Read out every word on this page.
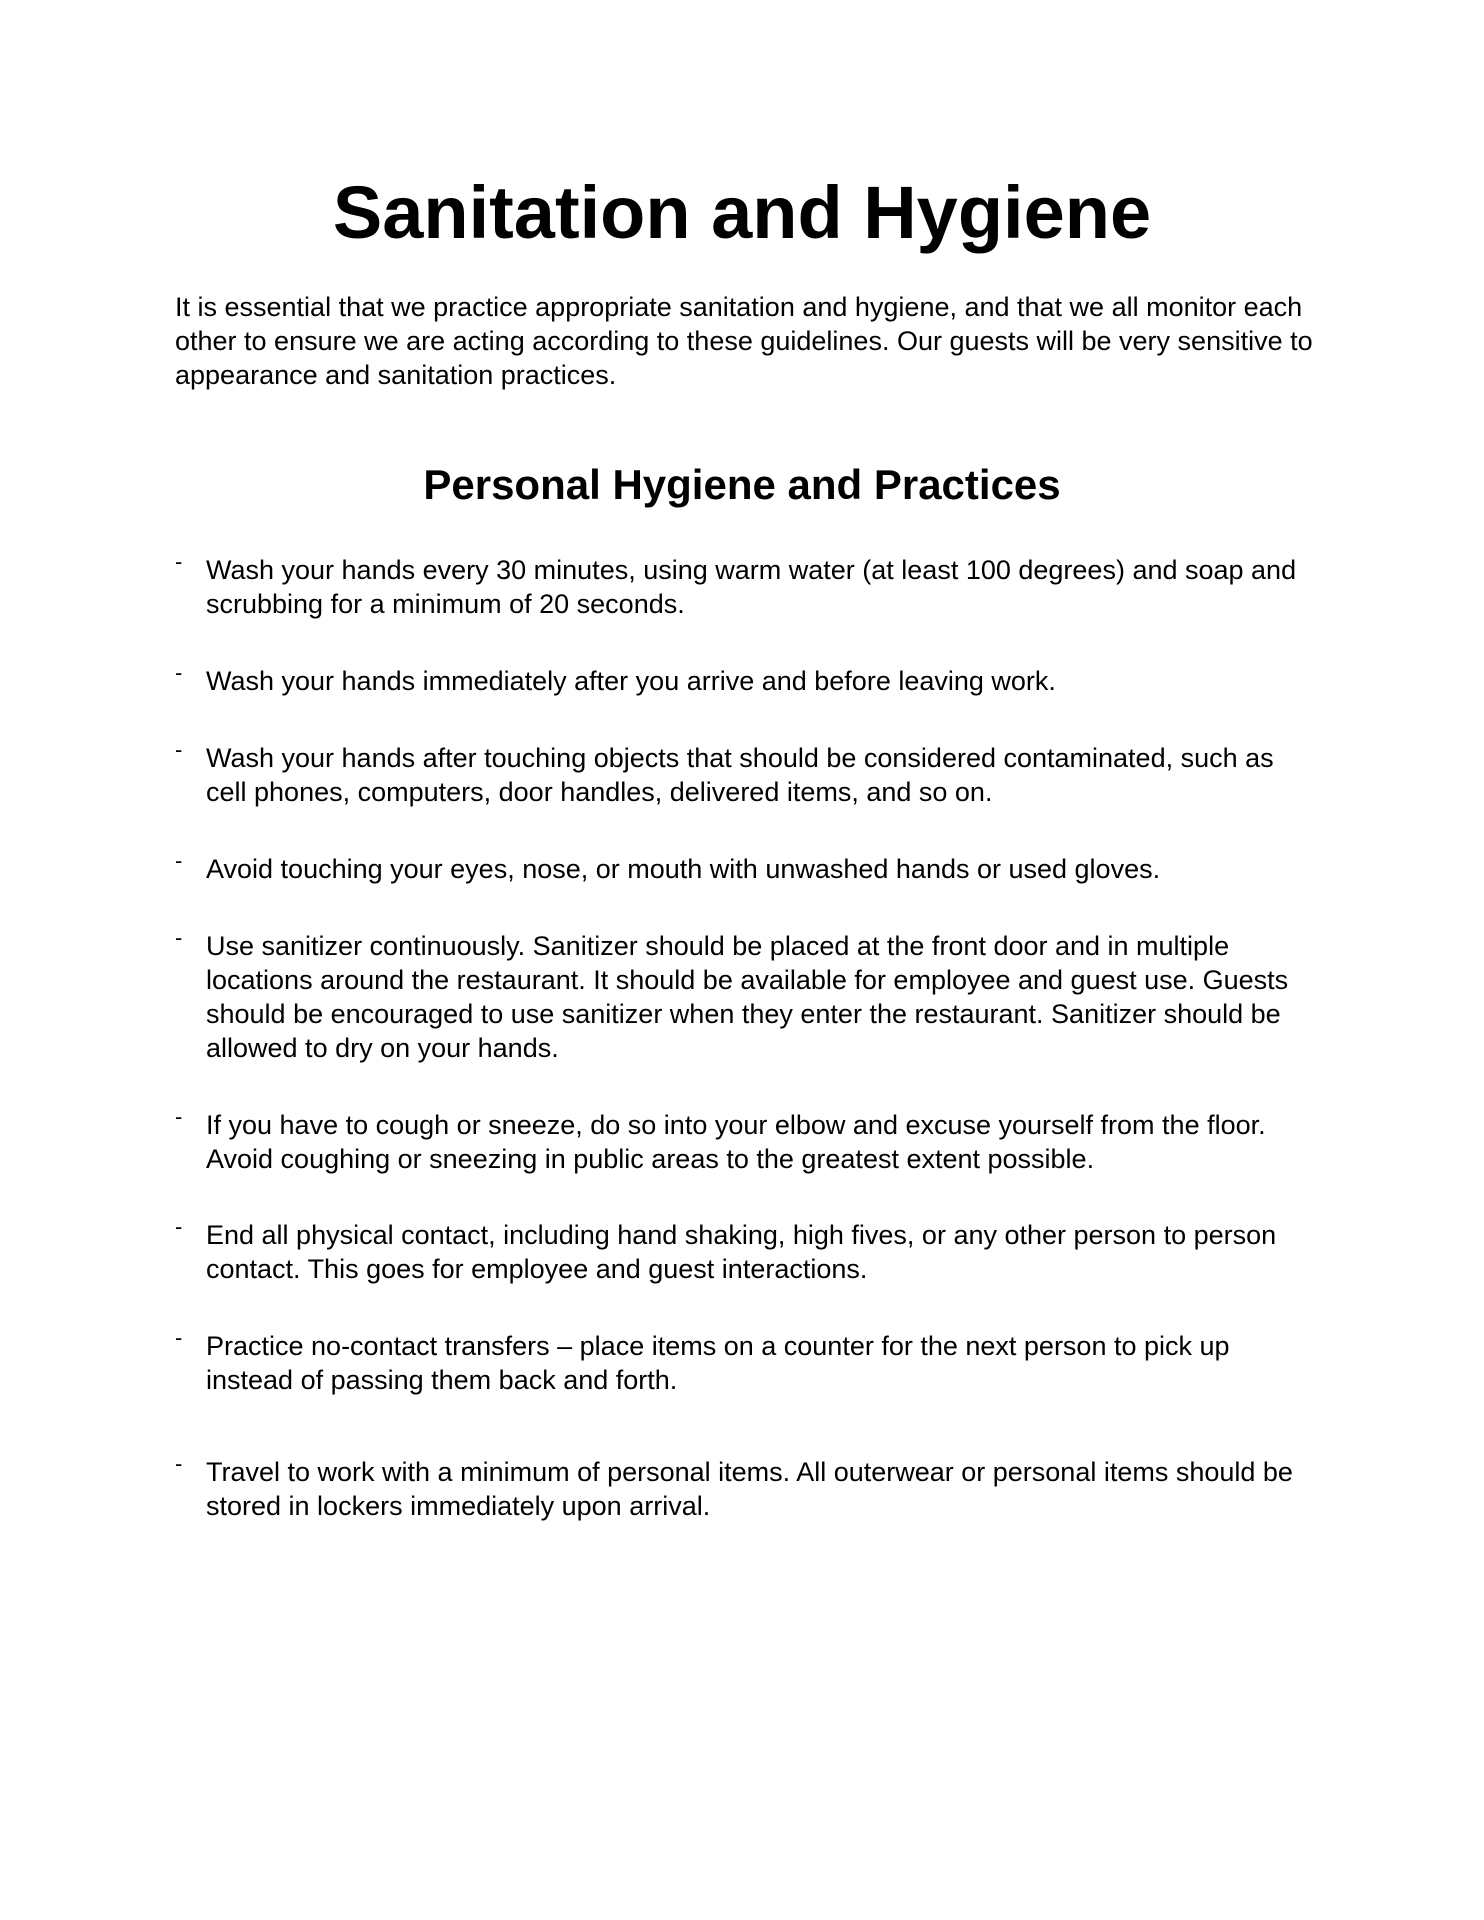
Sanitation and Hygiene

It is essential that we practice appropriate sanitation and hygiene, and that we all monitor each other to ensure we are acting according to these guidelines. Our guests will be very sensitive to appearance and sanitation practices.

Personal Hygiene and Practices
- Wash your hands every 30 minutes, using warm water (at least 100 degrees) and soap and scrubbing for a minimum of 20 seconds.
- Wash your hands immediately after you arrive and before leaving work.
- Wash your hands after touching objects that should be considered contaminated, such as cell phones, computers, door handles, delivered items, and so on.
- Avoid touching your eyes, nose, or mouth with unwashed hands or used gloves.
- Use sanitizer continuously. Sanitizer should be placed at the front door and in multiple locations around the restaurant. It should be available for employee and guest use. Guests should be encouraged to use sanitizer when they enter the restaurant. Sanitizer should be allowed to dry on your hands.
- If you have to cough or sneeze, do so into your elbow and excuse yourself from the floor. Avoid coughing or sneezing in public areas to the greatest extent possible.
- End all physical contact, including hand shaking, high fives, or any other person to person contact. This goes for employee and guest interactions.
- Practice no-contact transfers – place items on a counter for the next person to pick up instead of passing them back and forth.
- Travel to work with a minimum of personal items. All outerwear or personal items should be stored in lockers immediately upon arrival.
